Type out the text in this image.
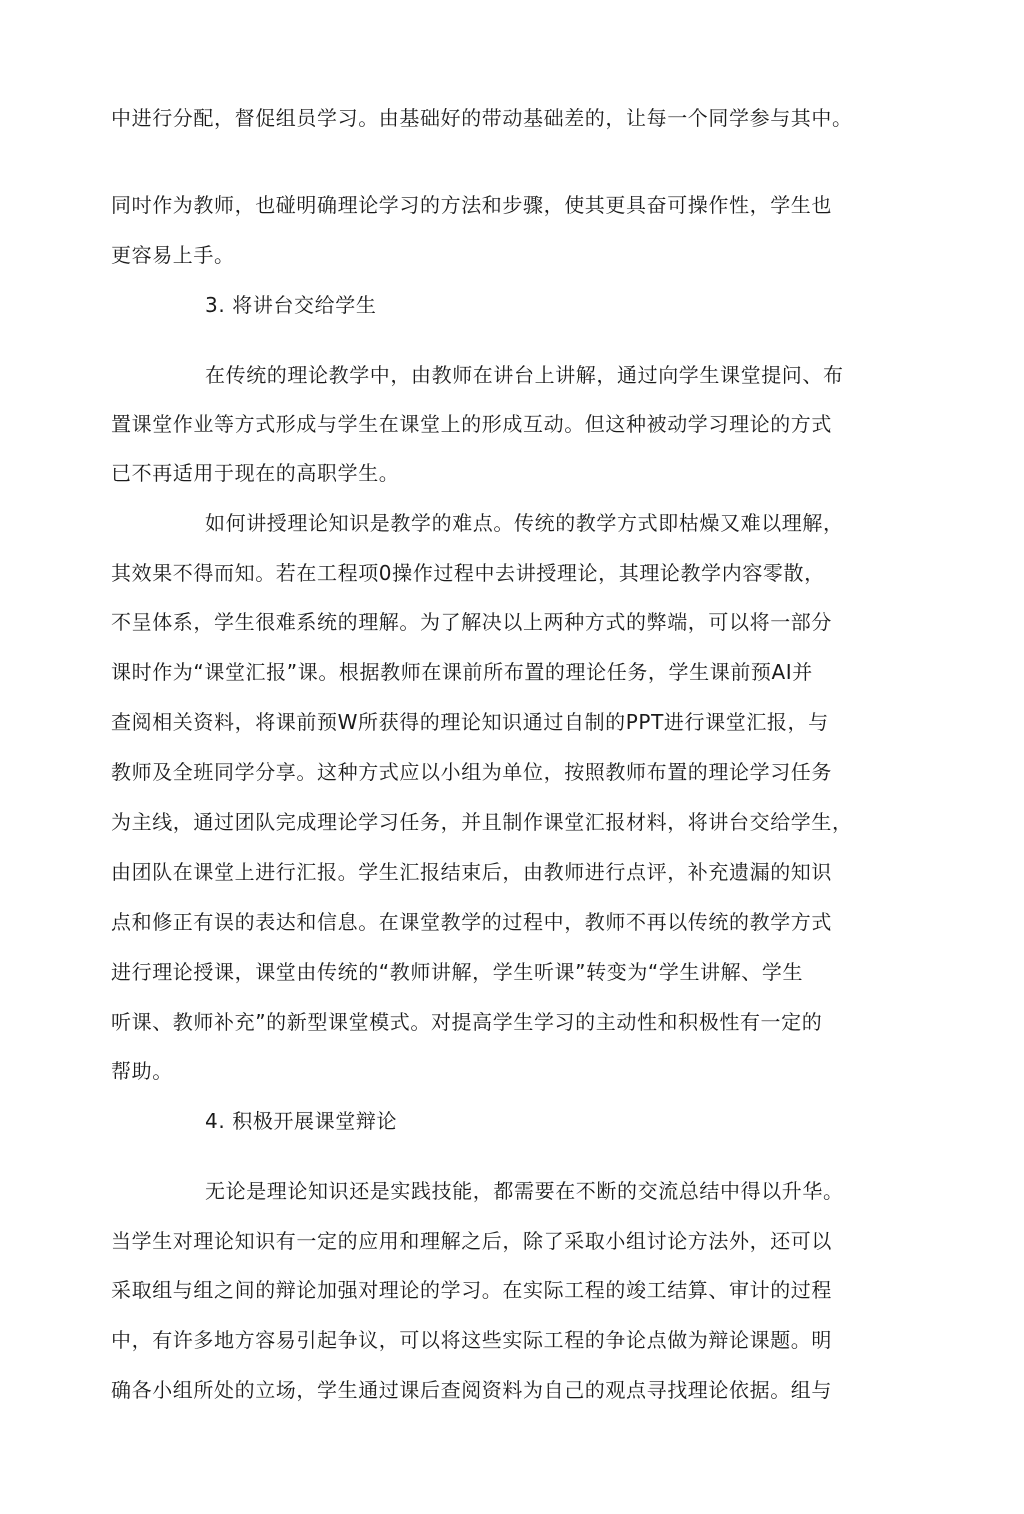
中进行分配，督促组员学习。由基础好的带动基础差的，让每一个同学参与其中。
同吋作为教师，也碰明确理论学习的方法和步骤，使其更具奋可操作性，学生也
更容易上手。
3. 将讲台交给学生
在传统的理论教学中，由教师在讲台上讲解，通过向学生课堂提问、布
置课堂作业等方式形成与学生在课堂上的形成互动。但这种被动学习理论的方式
已不再适用于现在的高职学生。
如何讲授理论知识是教学的难点。传统的教学方式即枯燥又难以理解，
其效果不得而知。若在工程项0操作过程中去讲授理论，其理论教学内容零散，
不呈体系，学生很难系统的理解。为了解决以上两种方式的弊端，可以将一部分
课时作为“课堂汇报”课。根据教师在课前所布置的理论任务，学生课前预AI并
查阅相关资料，将课前预W所获得的理论知识通过自制的PPT进行课堂汇报，与
教师及全班同学分享。这种方式应以小组为单位，按照教师布置的理论学习任务
为主线，通过团队完成理论学习任务，并且制作课堂汇报材料，将讲台交给学生，
由团队在课堂上进行汇报。学生汇报结束后，由教师进行点评，补充遗漏的知识
点和修正有误的表达和信息。在课堂教学的过程中，教师不再以传统的教学方式
进行理论授课，课堂由传统的“教师讲解，学生听课”转变为“学生讲解、学生
听课、教师补充”的新型课堂模式。对提高学生学习的主动性和积极性有一定的
帮助。
4. 积极开展课堂辩论
无论是理论知识还是实践技能，都需要在不断的交流总结中得以升华。
当学生对理论知识有一定的应用和理解之后，除了采取小组讨论方法外，还可以
采取组与组之间的辩论加强对理论的学习。在实际工程的竣工结算、审计的过程
中，有许多地方容易引起争议，可以将这些实际工程的争论点做为辩论课题。明
确各小组所处的立场，学生通过课后查阅资料为自己的观点寻找理论依据。组与
